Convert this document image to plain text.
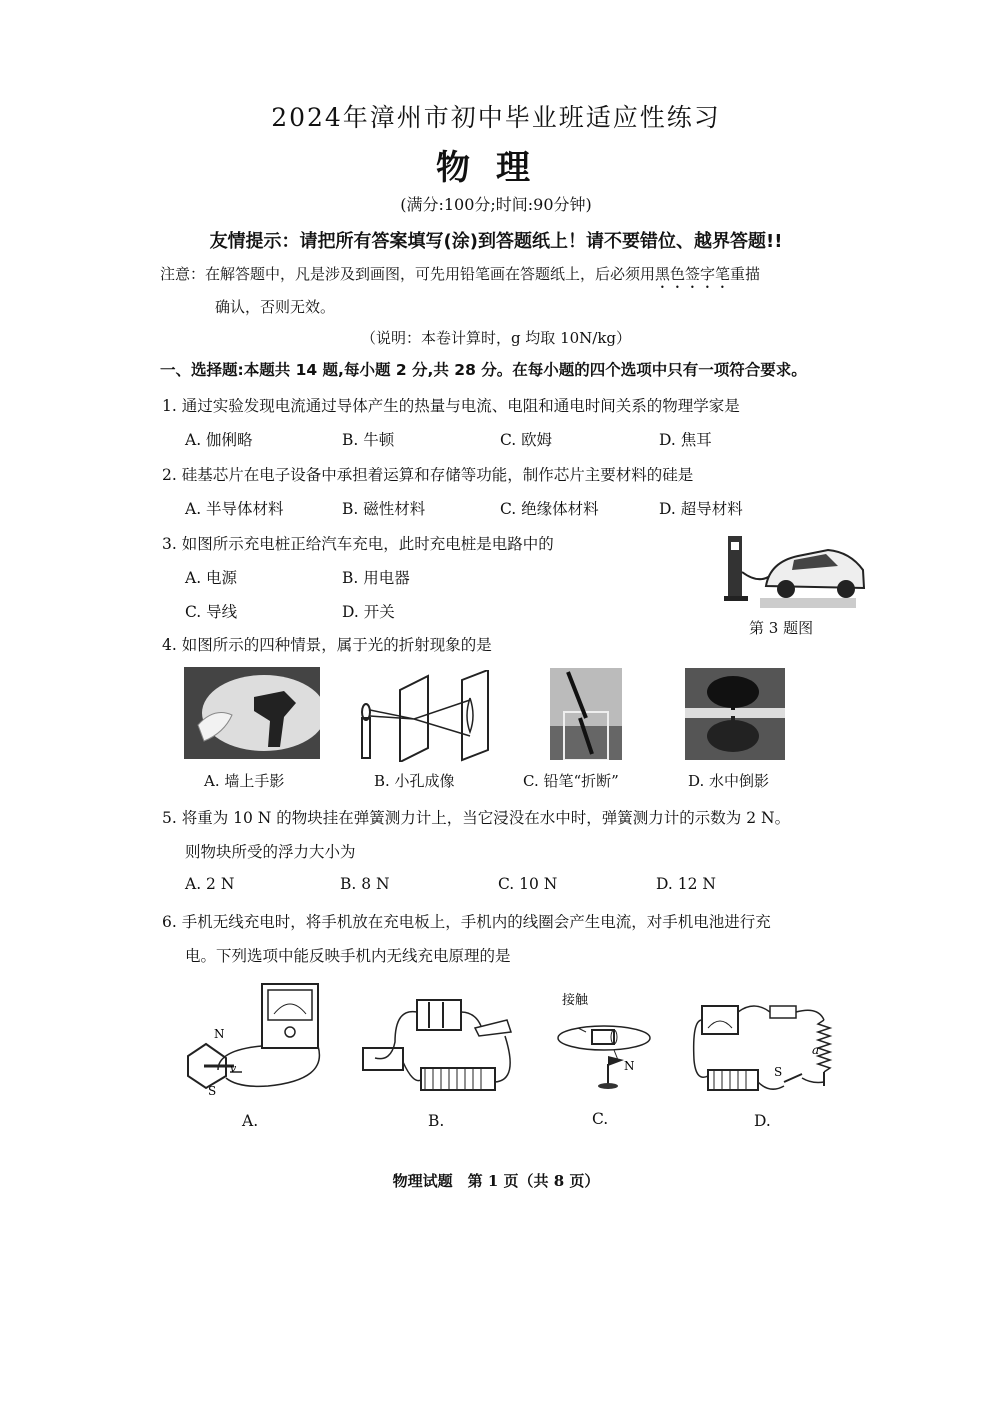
2024年漳州市初中毕业班适应性练习
物理
(满分:100分;时间:90分钟)
友情提示：请把所有答案填写(涂)到答题纸上！请不要错位、越界答题!!
注意：在解答题中，凡是涉及到画图，可先用铅笔画在答题纸上，后必须用黑色签字笔重描
确认，否则无效。
（说明：本卷计算时，g 均取 10N/kg）
一、选择题:本题共 14 题,每小题 2 分,共 28 分。在每小题的四个选项中只有一项符合要求。
1. 通过实验发现电流通过导体产生的热量与电流、电阻和通电时间关系的物理学家是
A. 伽俐略	B. 牛顿	C. 欧姆	D. 焦耳
2. 硅基芯片在电子设备中承担着运算和存储等功能，制作芯片主要材料的硅是
A. 半导体材料	B. 磁性材料	C. 绝缘体材料	D. 超导材料
3. 如图所示充电桩正给汽车充电，此时充电桩是电路中的
A. 电源	B. 用电器
C. 导线	D. 开关
第 3 题图
4. 如图所示的四种情景，属于光的折射现象的是
A. 墙上手影	B. 小孔成像	C. 铅笔“折断”	D. 水中倒影
5. 将重为 10 N 的物块挂在弹簧测力计上，当它浸没在水中时，弹簧测力计的示数为 2 N。
则物块所受的浮力大小为
A. 2 N	B. 8 N	C. 10 N	D. 12 N
6. 手机无线充电时，将手机放在充电板上，手机内的线圈会产生电流，对手机电池进行充
电。下列选项中能反映手机内无线充电原理的是
N
S
v
接触
N	S
a
A.	B.	C.	D.
物理试题　第 1 页（共 8 页）
